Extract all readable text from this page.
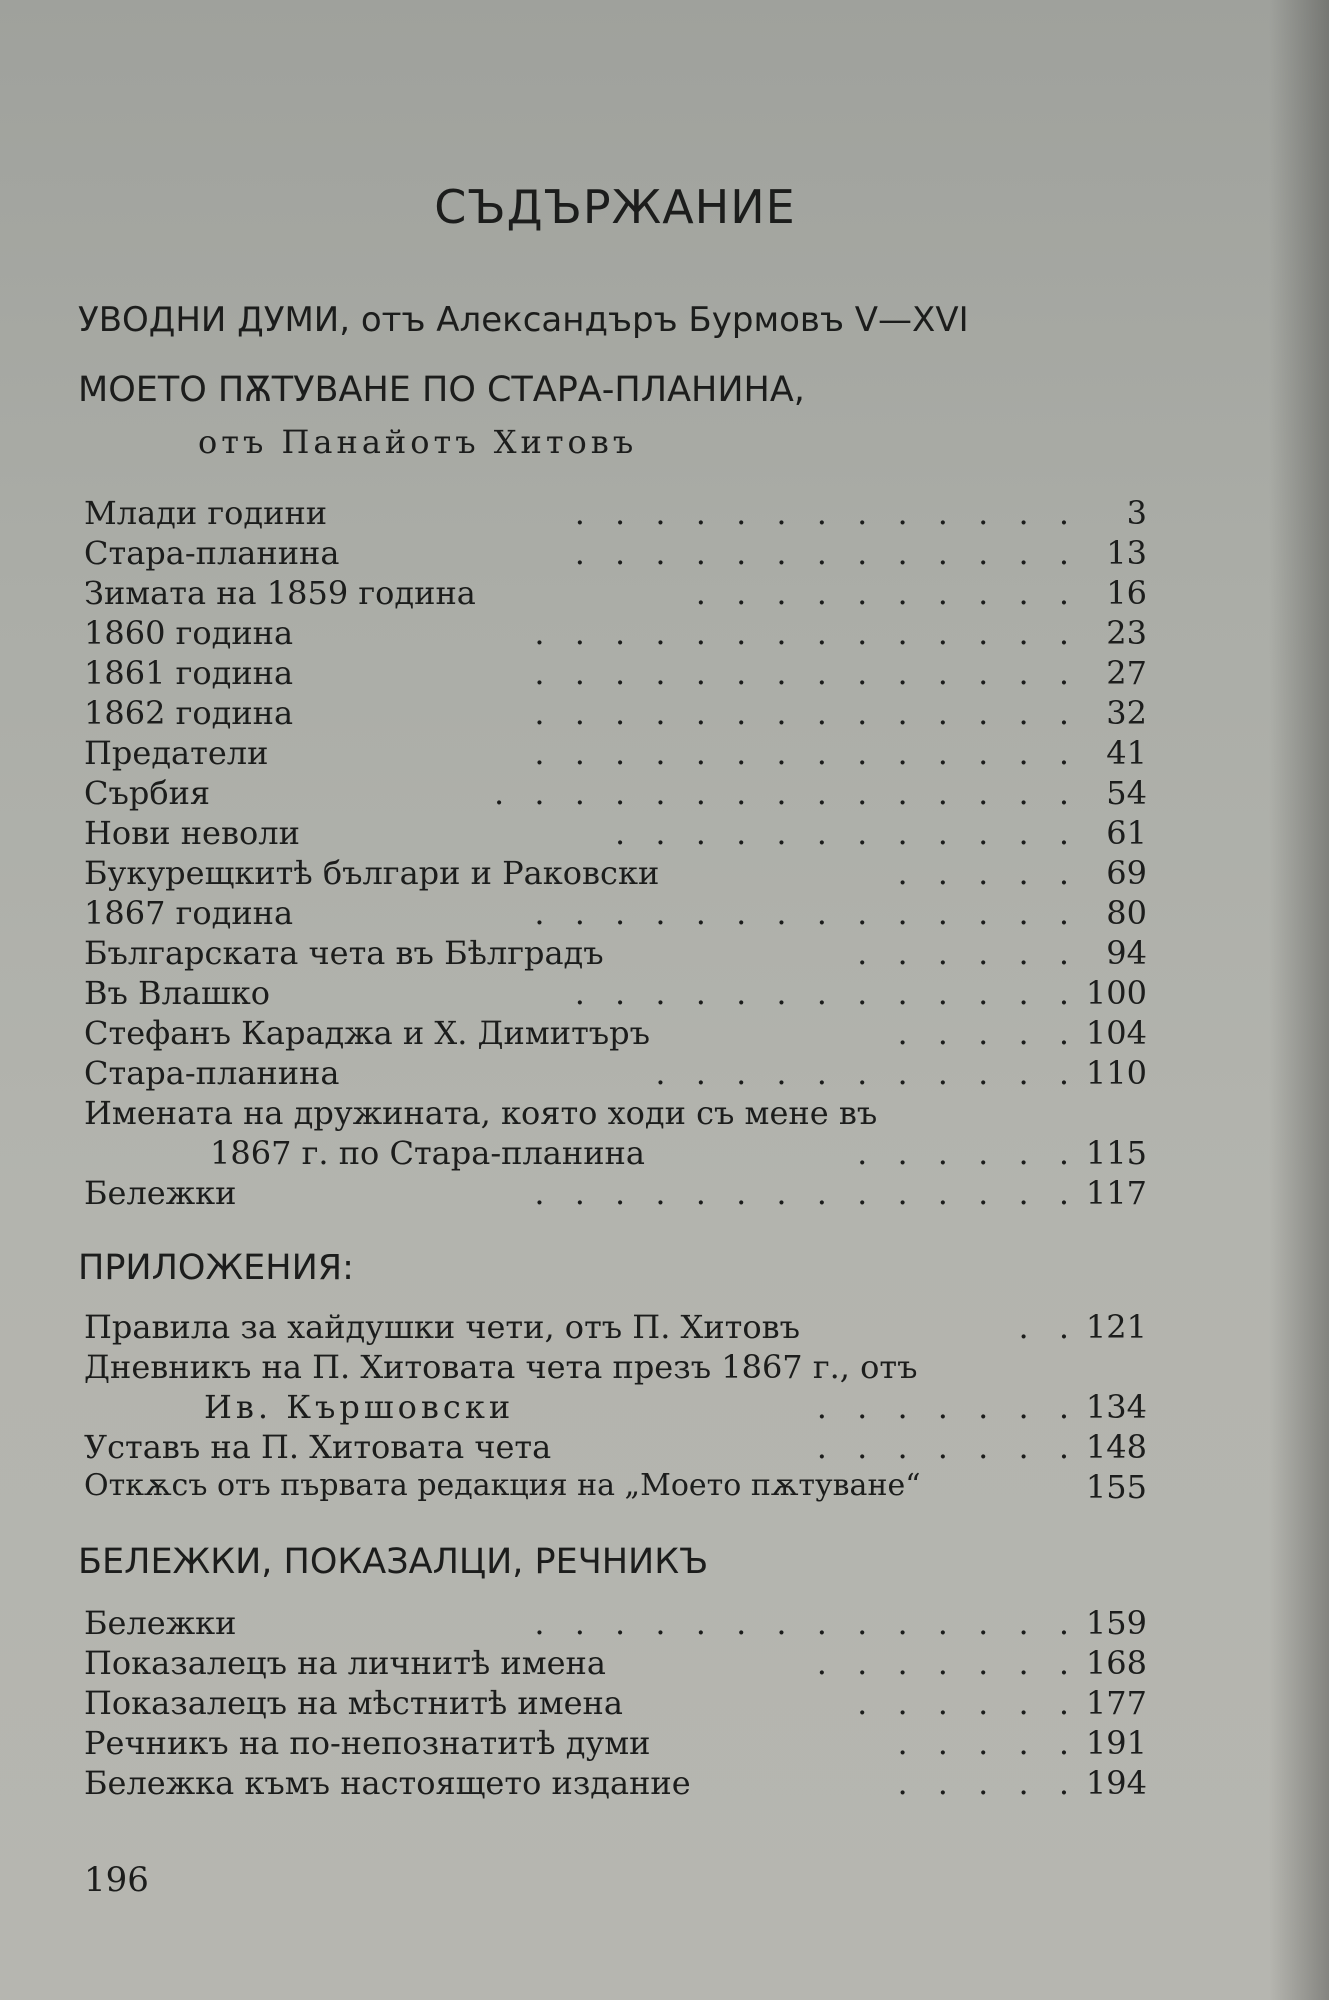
СЪДЪРЖАНИЕ
УВОДНИ ДУМИ, отъ Александъръ Бурмовъ V—XVI
МОЕТО ПѪТУВАНЕ ПО СТАРА-ПЛАНИНА,
отъ Панайотъ Хитовъ
Млади години	. . . . . . . . . . . . . 3
Стара-планина	. . . . . . . . . . . . . 13
Зимата на 1859 година	. . . . . . . . . . 16
1860 година	. . . . . . . . . . . . . . 23
1861 година	. . . . . . . . . . . . . . 27
1862 година	. . . . . . . . . . . . . . 32
Предатели	. . . . . . . . . . . . . . 41
Сърбия	. . . . . . . . . . . . . . . 54
Нови неволи	. . . . . . . . . . . . 61
Букурещкитѣ българи и Раковски	. . . . . 69
1867 година	. . . . . . . . . . . . . . 80
Българската чета въ Бѣлградъ	. . . . . . 94
Въ Влашко	. . . . . . . . . . . . . 100
Стефанъ Караджа и Х. Димитъръ	. . . . . 104
Стара-планина	. . . . . . . . . . . 110
Имената на дружината, която ходи съ мене въ
1867 г. по Стара-планина	. . . . . . 115
Бележки	. . . . . . . . . . . . . . 117
ПРИЛОЖЕНИЯ:
Правила за хайдушки чети, отъ П. Хитовъ	. . 121
Дневникъ на П. Хитовата чета презъ 1867 г., отъ
Ив. Кършовски	. . . . . . . 134
Уставъ на П. Хитовата чета	. . . . . . . 148
Откѫсъ отъ първата редакция на „Моето пѫтуване“	155
БЕЛЕЖКИ, ПОКАЗАЛЦИ, РЕЧНИКЪ
Бележки	. . . . . . . . . . . . . . 159
Показалецъ на личнитѣ имена	. . . . . . . 168
Показалецъ на мѣстнитѣ имена	. . . . . . 177
Речникъ на по-непознатитѣ думи	. . . . . 191
Бележка къмъ настоящето издание	. . . . . 194
196
